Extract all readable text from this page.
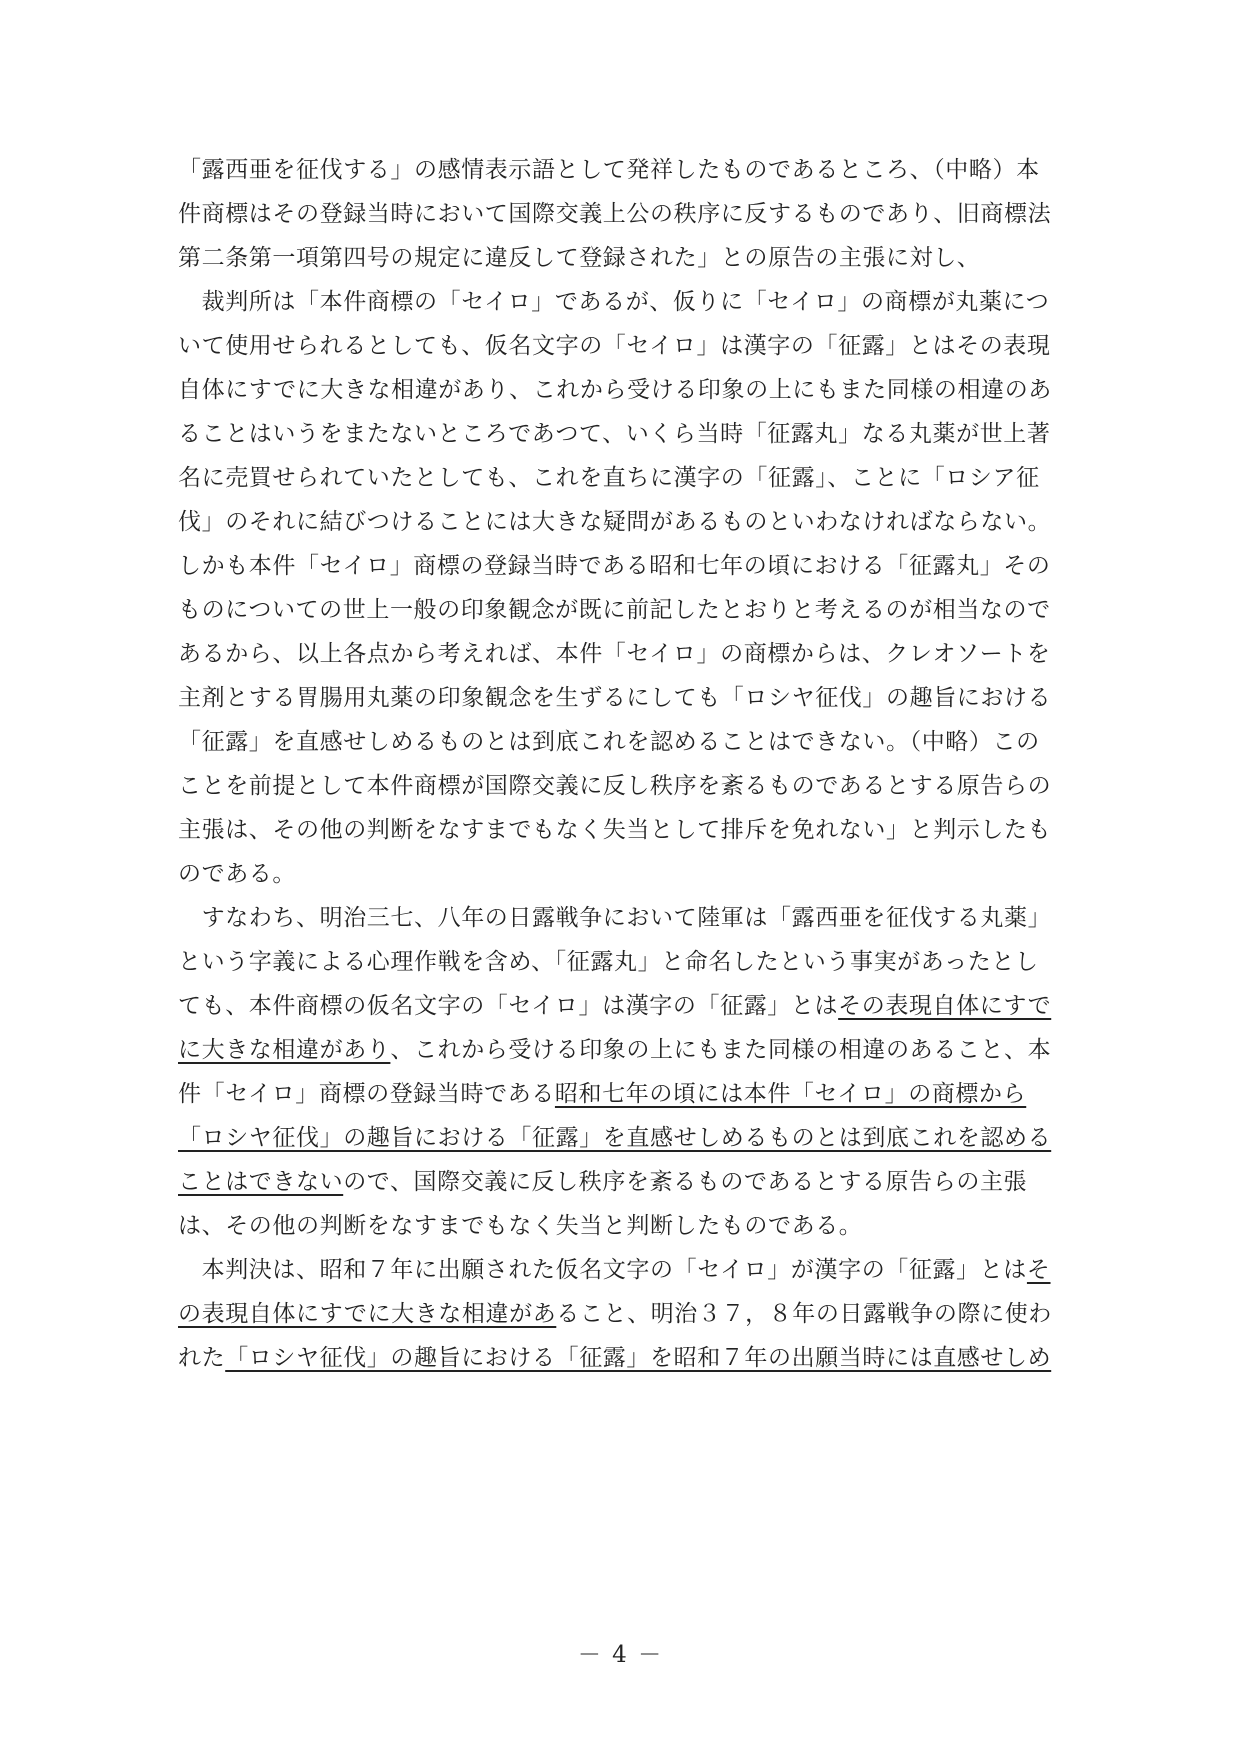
「露西亜を征伐する」の感情表示語として発祥したものであるところ、（中略）本
件商標はその登録当時において国際交義上公の秩序に反するものであり、旧商標法
第二条第一項第四号の規定に違反して登録された」との原告の主張に対し、
　裁判所は「本件商標の「セイロ」であるが、仮りに「セイロ」の商標が丸薬につ
いて使用せられるとしても、仮名文字の「セイロ」は漢字の「征露」とはその表現
自体にすでに大きな相違があり、これから受ける印象の上にもまた同様の相違のあ
ることはいうをまたないところであつて、いくら当時「征露丸」なる丸薬が世上著
名に売買せられていたとしても、これを直ちに漢字の「征露」、ことに「ロシア征
伐」のそれに結びつけることには大きな疑問があるものといわなければならない。
しかも本件「セイロ」商標の登録当時である昭和七年の頃における「征露丸」その
ものについての世上一般の印象観念が既に前記したとおりと考えるのが相当なので
あるから、以上各点から考えれば、本件「セイロ」の商標からは、クレオソートを
主剤とする胃腸用丸薬の印象観念を生ずるにしても「ロシヤ征伐」の趣旨における
「征露」を直感せしめるものとは到底これを認めることはできない。（中略）この
ことを前提として本件商標が国際交義に反し秩序を紊るものであるとする原告らの
主張は、その他の判断をなすまでもなく失当として排斥を免れない」と判示したも
のである。
　すなわち、明治三七、八年の日露戦争において陸軍は「露西亜を征伐する丸薬」
という字義による心理作戦を含め、「征露丸」と命名したという事実があったとし
ても、本件商標の仮名文字の「セイロ」は漢字の「征露」とはその表現自体にすで
に大きな相違があり、これから受ける印象の上にもまた同様の相違のあること、本
件「セイロ」商標の登録当時である昭和七年の頃には本件「セイロ」の商標から
「ロシヤ征伐」の趣旨における「征露」を直感せしめるものとは到底これを認める
ことはできないので、国際交義に反し秩序を紊るものであるとする原告らの主張
は、その他の判断をなすまでもなく失当と判断したものである。
　本判決は、昭和７年に出願された仮名文字の「セイロ」が漢字の「征露」とはそ
の表現自体にすでに大きな相違があること、明治３７，８年の日露戦争の際に使わ
れた「ロシヤ征伐」の趣旨における「征露」を昭和７年の出願当時には直感せしめ
－ 4 －
